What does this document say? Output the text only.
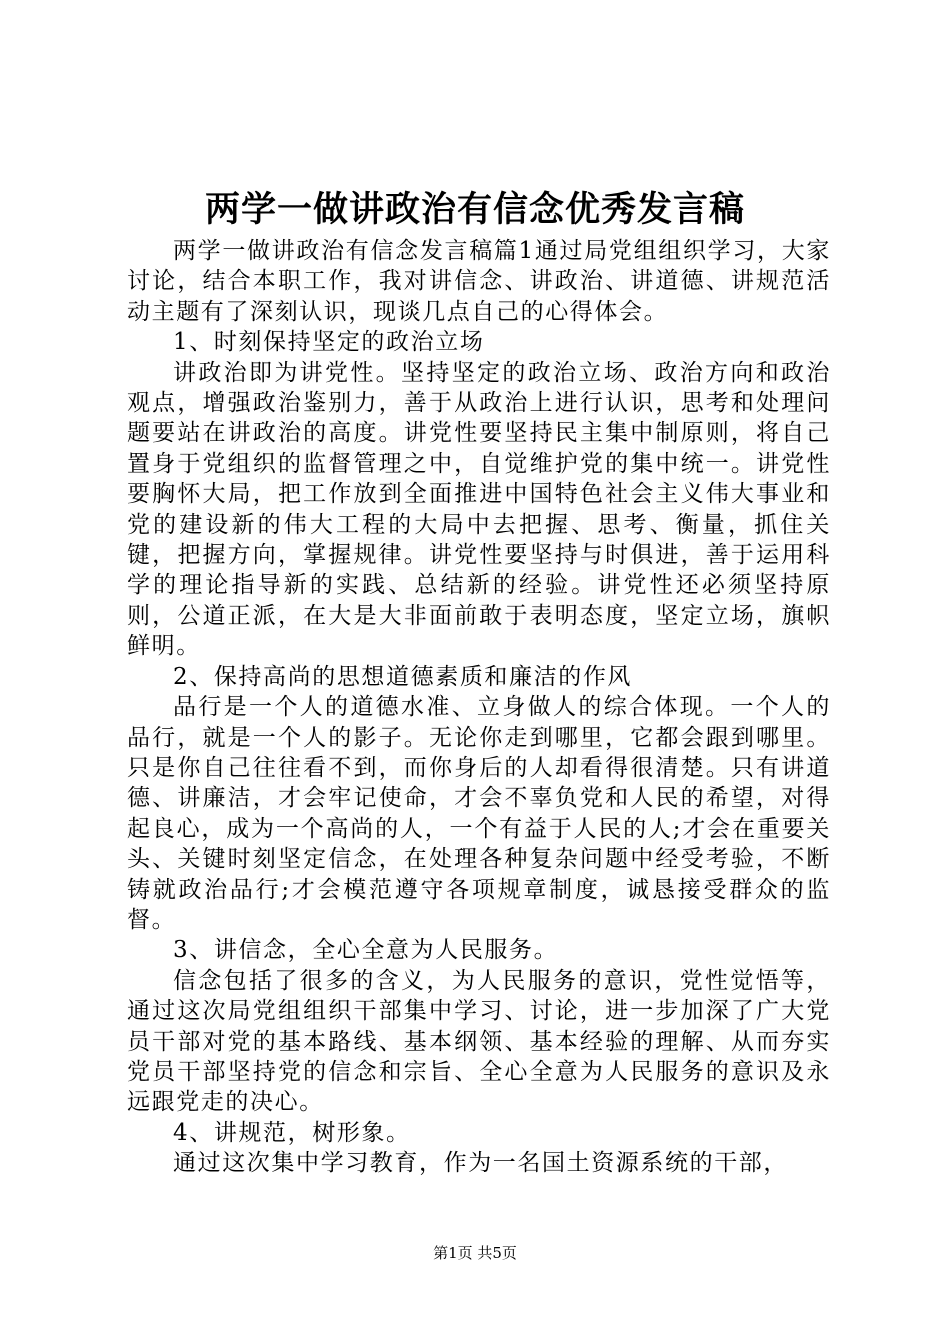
两学一做讲政治有信念优秀发言稿

两学一做讲政治有信念发言稿篇1通过局党组组织学习，大家讨论，结合本职工作，我对讲信念、讲政治、讲道德、讲规范活动主题有了深刻认识，现谈几点自己的心得体会。

1、时刻保持坚定的政治立场

讲政治即为讲党性。坚持坚定的政治立场、政治方向和政治观点，增强政治鉴别力，善于从政治上进行认识，思考和处理问题要站在讲政治的高度。讲党性要坚持民主集中制原则，将自己置身于党组织的监督管理之中，自觉维护党的集中统一。讲党性要胸怀大局，把工作放到全面推进中国特色社会主义伟大事业和党的建设新的伟大工程的大局中去把握、思考、衡量，抓住关键，把握方向，掌握规律。讲党性要坚持与时俱进，善于运用科学的理论指导新的实践、总结新的经验。讲党性还必须坚持原则，公道正派，在大是大非面前敢于表明态度，坚定立场，旗帜鲜明。

2、保持高尚的思想道德素质和廉洁的作风

品行是一个人的道德水准、立身做人的综合体现。一个人的品行，就是一个人的影子。无论你走到哪里，它都会跟到哪里。只是你自己往往看不到，而你身后的人却看得很清楚。只有讲道德、讲廉洁，才会牢记使命，才会不辜负党和人民的希望，对得起良心，成为一个高尚的人，一个有益于人民的人;才会在重要关头、关键时刻坚定信念，在处理各种复杂问题中经受考验，不断铸就政治品行;才会模范遵守各项规章制度，诚恳接受群众的监督。

3、讲信念，全心全意为人民服务。

信念包括了很多的含义，为人民服务的意识，党性觉悟等，通过这次局党组组织干部集中学习、讨论，进一步加深了广大党员干部对党的基本路线、基本纲领、基本经验的理解、从而夯实党员干部坚持党的信念和宗旨、全心全意为人民服务的意识及永远跟党走的决心。

4、讲规范，树形象。

通过这次集中学习教育，作为一名国土资源系统的干部，

第1页 共5页
